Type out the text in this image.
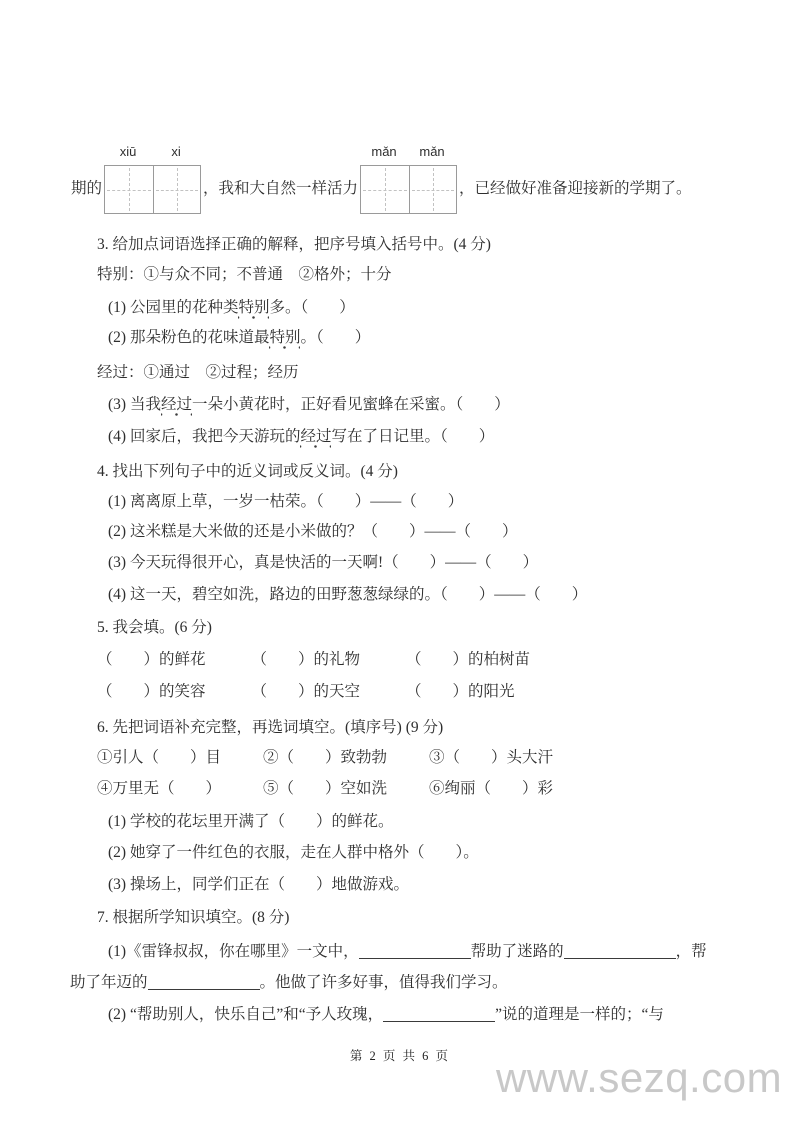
期的
xiū	xi
，我和大自然一样活力
mǎn	mǎn
，已经做好准备迎接新的学期了。
3. 给加点词语选择正确的解释，把序号填入括号中。(4 分)
特别：①与众不同；不普通　②格外；十分
(1) 公园里的花种类特别多。（　　）
(2) 那朵粉色的花味道最特别。（　　）
经过：①通过　②过程；经历
(3) 当我经过一朵小黄花时，正好看见蜜蜂在采蜜。（　　）
(4) 回家后，我把今天游玩的经过写在了日记里。（　　）
4. 找出下列句子中的近义词或反义词。(4 分)
(1) 离离原上草，一岁一枯荣。（　　）——（　　）
(2) 这米糕是大米做的还是小米做的？（　　）——（　　）
(3) 今天玩得很开心，真是快活的一天啊!（　　）——（　　）
(4) 这一天，碧空如洗，路边的田野葱葱绿绿的。（　　）——（　　）
5. 我会填。(6 分)
（　　）的鲜花	（　　）的礼物	（　　）的柏树苗
（　　）的笑容	（　　）的天空	（　　）的阳光
6. 先把词语补充完整，再选词填空。(填序号) (9 分)
①引人（　　）目	②（　　）致勃勃	③（　　）头大汗
④万里无（　　）	⑤（　　）空如洗	⑥绚丽（　　）彩
(1) 学校的花坛里开满了（　　）的鲜花。
(2) 她穿了一件红色的衣服，走在人群中格外（　　）。
(3) 操场上，同学们正在（　　）地做游戏。
7. 根据所学知识填空。(8 分)
(1)《雷锋叔叔，你在哪里》一文中，	帮助了迷路的	，帮
助了年迈的	。他做了许多好事，值得我们学习。
(2) “帮助别人，快乐自己”和“予人玫瑰，	”说的道理是一样的；“与
第 2 页 共 6 页	www.sezq.com
